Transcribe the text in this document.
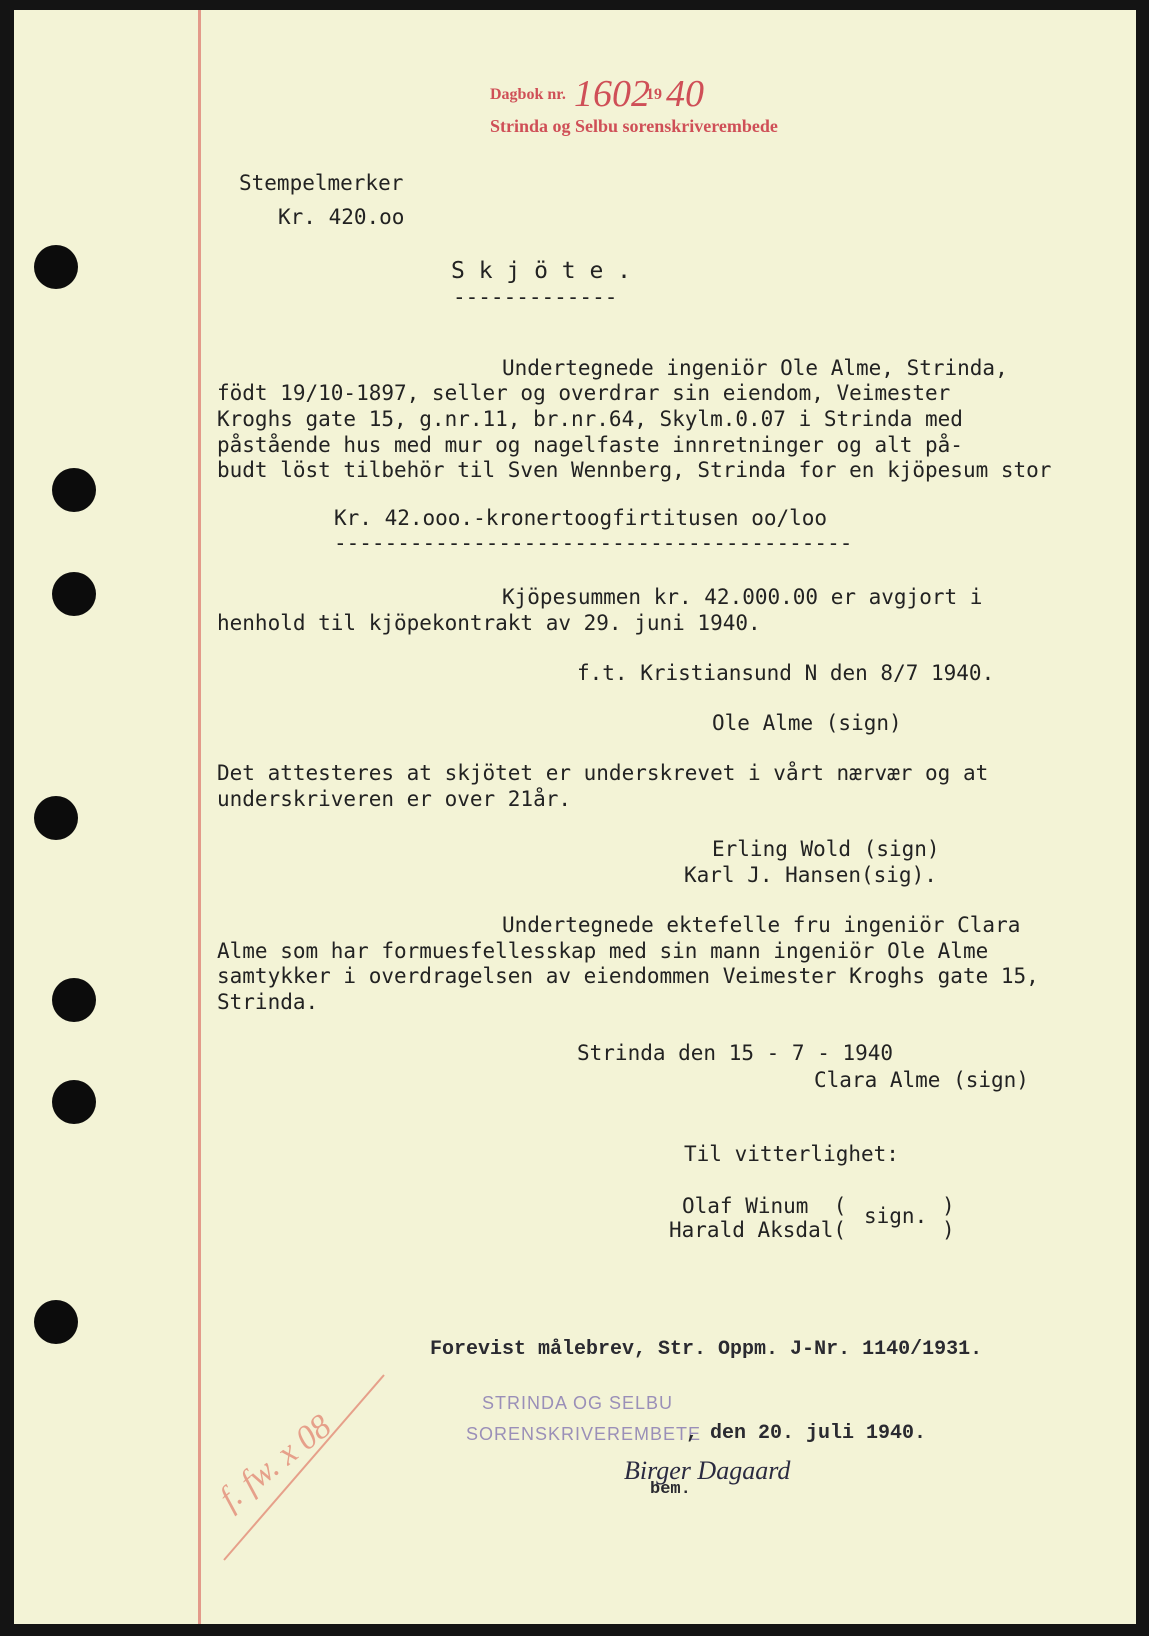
Dagbok nr. 1602
19 40
Strinda og Selbu sorenskriverembede
Stempelmerker
Kr. 420.oo
S k j ö t e .
-------------
Undertegnede ingeniör Ole Alme, Strinda,
födt 19/10-1897, seller og overdrar sin eiendom, Veimester
Kroghs gate 15, g.nr.11, br.nr.64, Skylm.0.07 i Strinda med
påstående hus med mur og nagelfaste innretninger og alt på-
budt löst tilbehör til Sven Wennberg, Strinda for en kjöpesum stor
Kr. 42.ooo.-kronertoogfirtitusen oo/loo
-----------------------------------------
Kjöpesummen kr. 42.000.00 er avgjort i
henhold til kjöpekontrakt av 29. juni 1940.
f.t. Kristiansund N den 8/7 1940.
Ole Alme (sign)
Det attesteres at skjötet er underskrevet i vårt nærvær og at
underskriveren er over 21år.
Erling Wold (sign)
Karl J. Hansen(sig).
Undertegnede ektefelle fru ingeniör Clara
Alme som har formuesfellesskap med sin mann ingeniör Ole Alme
samtykker i overdragelsen av eiendommen Veimester Kroghs gate 15,
Strinda.
Strinda den 15 - 7 - 1940
Clara Alme (sign)
Til vitterlighet:
Olaf Winum  (
Harald Aksdal(
sign. )
)
Forevist målebrev, Str. Oppm. J-Nr. 1140/1931.
STRINDA OG SELBU
SORENSKRIVEREMBETE
, den 20. juli 1940.
Birger Dagaard
bem.
f. fw. x 08
